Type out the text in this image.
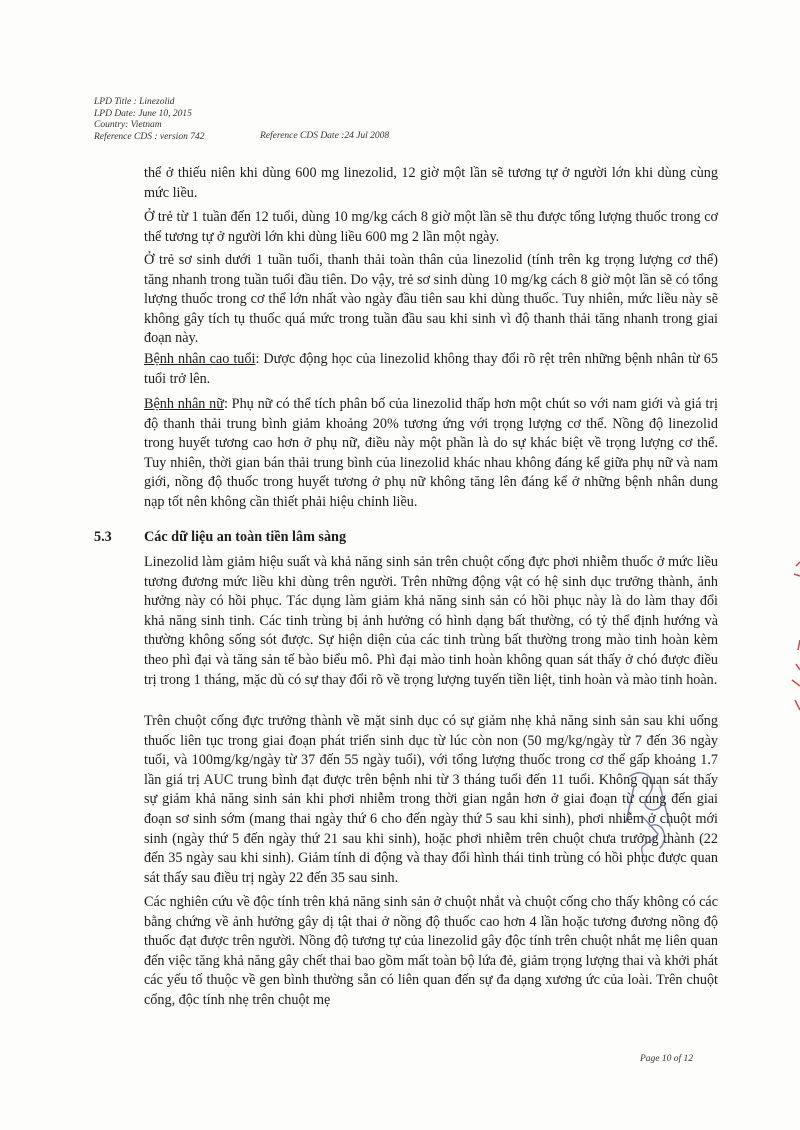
LPD Title : Linezolid
LPD Date: June 10, 2015
Country: Vietnam
Reference CDS : version 742	Reference CDS Date :24 Jul 2008

thể ở thiếu niên khi dùng 600 mg linezolid, 12 giờ một lần sẽ tương tự ở người lớn khi dùng cùng mức liều.

Ở trẻ từ 1 tuần đến 12 tuổi, dùng 10 mg/kg cách 8 giờ một lần sẽ thu được tổng lượng thuốc trong cơ thể tương tự ở người lớn khi dùng liều 600 mg 2 lần một ngày.

Ở trẻ sơ sinh dưới 1 tuần tuổi, thanh thải toàn thân của linezolid (tính trên kg trọng lượng cơ thể) tăng nhanh trong tuần tuổi đầu tiên. Do vậy, trẻ sơ sinh dùng 10 mg/kg cách 8 giờ một lần sẽ có tổng lượng thuốc trong cơ thể lớn nhất vào ngày đầu tiên sau khi dùng thuốc. Tuy nhiên, mức liều này sẽ không gây tích tụ thuốc quá mức trong tuần đầu sau khi sinh vì độ thanh thải tăng nhanh trong giai đoạn này.

Bệnh nhân cao tuổi: Dược động học của linezolid không thay đổi rõ rệt trên những bệnh nhân từ 65 tuổi trở lên.

Bệnh nhân nữ: Phụ nữ có thể tích phân bố của linezolid thấp hơn một chút so với nam giới và giá trị độ thanh thải trung bình giảm khoảng 20% tương ứng với trọng lượng cơ thể. Nồng độ linezolid trong huyết tương cao hơn ở phụ nữ, điều này một phần là do sự khác biệt về trọng lượng cơ thể. Tuy nhiên, thời gian bán thải trung bình của linezolid khác nhau không đáng kể giữa phụ nữ và nam giới, nồng độ thuốc trong huyết tương ở phụ nữ không tăng lên đáng kể ở những bệnh nhân dung nạp tốt nên không cần thiết phải hiệu chỉnh liều.

5.3 Các dữ liệu an toàn tiền lâm sàng

Linezolid làm giảm hiệu suất và khả năng sinh sản trên chuột cống đực phơi nhiễm thuốc ở mức liều tương đương mức liều khi dùng trên người. Trên những động vật có hệ sinh dục trưởng thành, ảnh hưởng này có hồi phục. Tác dụng làm giảm khả năng sinh sản có hồi phục này là do làm thay đổi khả năng sinh tinh. Các tinh trùng bị ảnh hưởng có hình dạng bất thường, có tỷ thể định hướng và thường không sống sót được. Sự hiện diện của các tinh trùng bất thường trong mào tinh hoàn kèm theo phì đại và tăng sản tế bào biểu mô. Phì đại mào tinh hoàn không quan sát thấy ở chó được điều trị trong 1 tháng, mặc dù có sự thay đổi rõ về trọng lượng tuyến tiền liệt, tinh hoàn và mào tinh hoàn.

Trên chuột cống đực trưởng thành về mặt sinh dục có sự giảm nhẹ khả năng sinh sản sau khi uống thuốc liên tục trong giai đoạn phát triển sinh dục từ lúc còn non (50 mg/kg/ngày từ 7 đến 36 ngày tuổi, và 100mg/kg/ngày từ 37 đến 55 ngày tuổi), với tổng lượng thuốc trong cơ thể gấp khoảng 1.7 lần giá trị AUC trung bình đạt được trên bệnh nhi từ 3 tháng tuổi đến 11 tuổi. Không quan sát thấy sự giảm khả năng sinh sản khi phơi nhiễm trong thời gian ngắn hơn ở giai đoạn từ cung đến giai đoạn sơ sinh sớm (mang thai ngày thứ 6 cho đến ngày thứ 5 sau khi sinh), phơi nhiễm ở chuột mới sinh (ngày thứ 5 đến ngày thứ 21 sau khi sinh), hoặc phơi nhiễm trên chuột chưa trưởng thành (22 đến 35 ngày sau khi sinh). Giảm tính di động và thay đổi hình thái tinh trùng có hồi phục được quan sát thấy sau điều trị ngày 22 đến 35 sau sinh.

Các nghiên cứu về độc tính trên khả năng sinh sản ở chuột nhắt và chuột cống cho thấy không có các bằng chứng về ảnh hưởng gây dị tật thai ở nồng độ thuốc cao hơn 4 lần hoặc tương đương nồng độ thuốc đạt được trên người. Nồng độ tương tự của linezolid gây độc tính trên chuột nhắt mẹ liên quan đến việc tăng khả năng gây chết thai bao gồm mất toàn bộ lứa đẻ, giảm trọng lượng thai và khởi phát các yếu tố thuộc về gen bình thường sẵn có liên quan đến sự đa dạng xương ức của loài. Trên chuột cống, độc tính nhẹ trên chuột mẹ

Page 10 of 12
